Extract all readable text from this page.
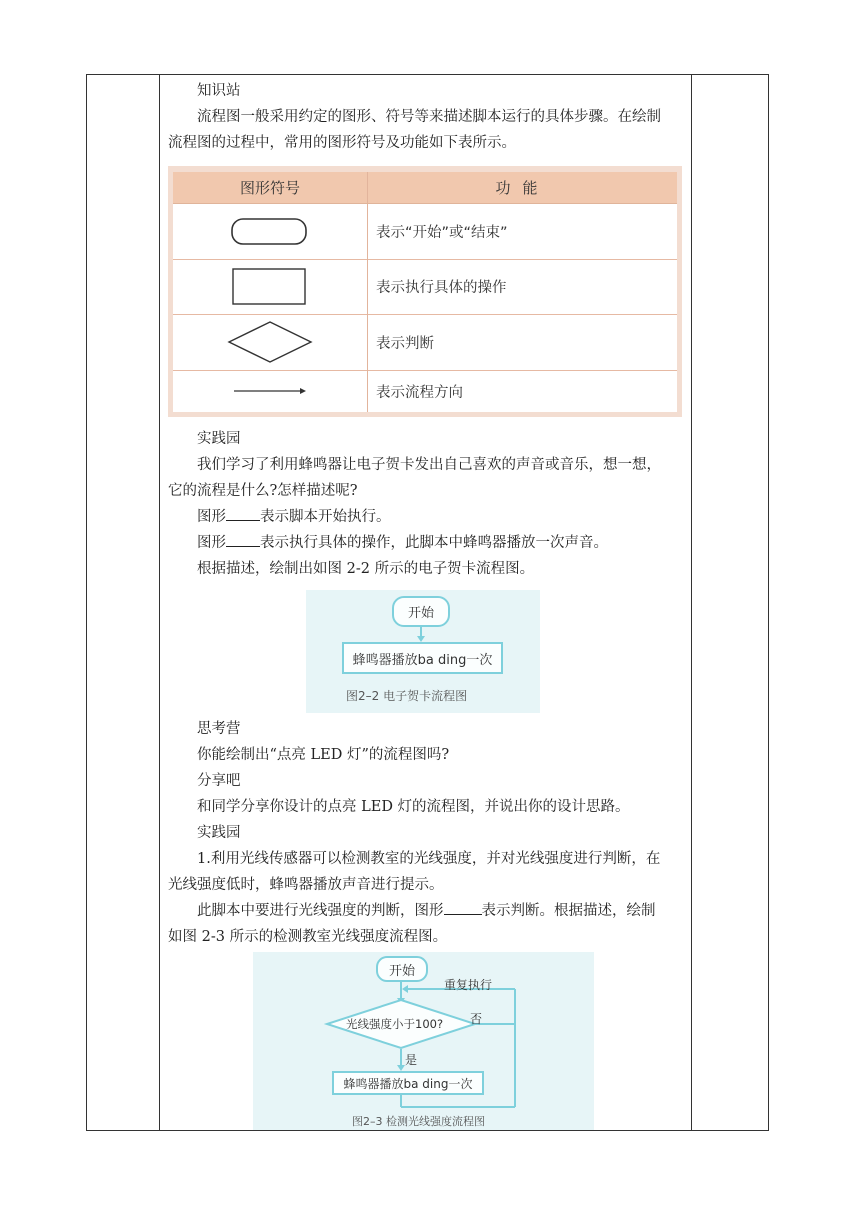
知识站

流程图一般采用约定的图形、符号等来描述脚本运行的具体步骤。在绘制

流程图的过程中，常用的图形符号及功能如下表所示。

图形符号	功能
表示“开始”或“结束”
表示执行具体的操作
表示判断
表示流程方向

实践园

我们学习了利用蜂鸣器让电子贺卡发出自己喜欢的声音或音乐，想一想，

它的流程是什么?怎样描述呢?

图形 表示脚本开始执行。

图形 表示执行具体的操作，此脚本中蜂鸣器播放一次声音。

根据描述，绘制出如图 2-2 所示的电子贺卡流程图。

开始
蜂鸣器播放ba ding一次
图2–2 电子贺卡流程图

思考营

你能绘制出“点亮 LED 灯”的流程图吗?

分享吧

和同学分享你设计的点亮 LED 灯的流程图，并说出你的设计思路。

实践园

1.利用光线传感器可以检测教室的光线强度，并对光线强度进行判断，在

光线强度低时，蜂鸣器播放声音进行提示。

此脚本中要进行光线强度的判断，图形	表示判断。根据描述，绘制

如图 2-3 所示的检测教室光线强度流程图。

开始
重复执行
光线强度小于100? 否
是
蜂鸣器播放ba ding一次
图2–3 检测光线强度流程图
